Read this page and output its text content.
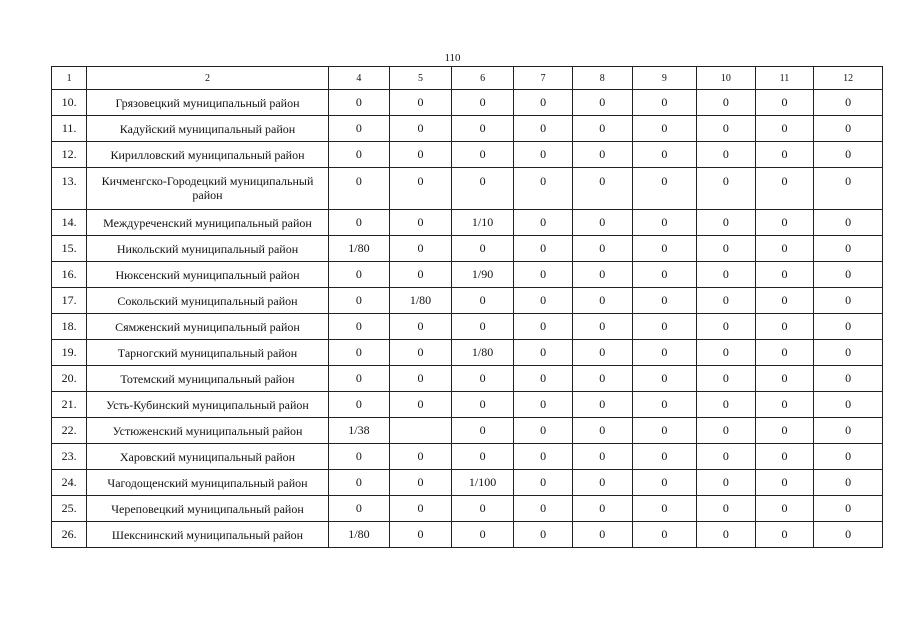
110
1	2	4	5	6	7	8	9	10	11	12
10.	Грязовецкий муниципальный район	0	0	0	0	0	0	0	0	0
11.	Кадуйский муниципальный район	0	0	0	0	0	0	0	0	0
12.	Кирилловский муниципальный район	0	0	0	0	0	0	0	0	0
13.	Кичменгско-Городецкий муниципальный район	0	0	0	0	0	0	0	0	0
14.	Междуреченский муниципальный район	0	0	1/10	0	0	0	0	0	0
15.	Никольский муниципальный район	1/80	0	0	0	0	0	0	0	0
16.	Нюксенский муниципальный район	0	0	1/90	0	0	0	0	0	0
17.	Сокольский муниципальный район	0	1/80	0	0	0	0	0	0	0
18.	Сямженский муниципальный район	0	0	0	0	0	0	0	0	0
19.	Тарногский муниципальный район	0	0	1/80	0	0	0	0	0	0
20.	Тотемский муниципальный район	0	0	0	0	0	0	0	0	0
21.	Усть-Кубинский муниципальный район	0	0	0	0	0	0	0	0	0
22.	Устюженский муниципальный район	1/38		0	0	0	0	0	0	0
23.	Харовский муниципальный район	0	0	0	0	0	0	0	0	0
24.	Чагодощенский муниципальный район	0	0	1/100	0	0	0	0	0	0
25.	Череповецкий муниципальный район	0	0	0	0	0	0	0	0	0
26.	Шекснинский муниципальный район	1/80	0	0	0	0	0	0	0	0
